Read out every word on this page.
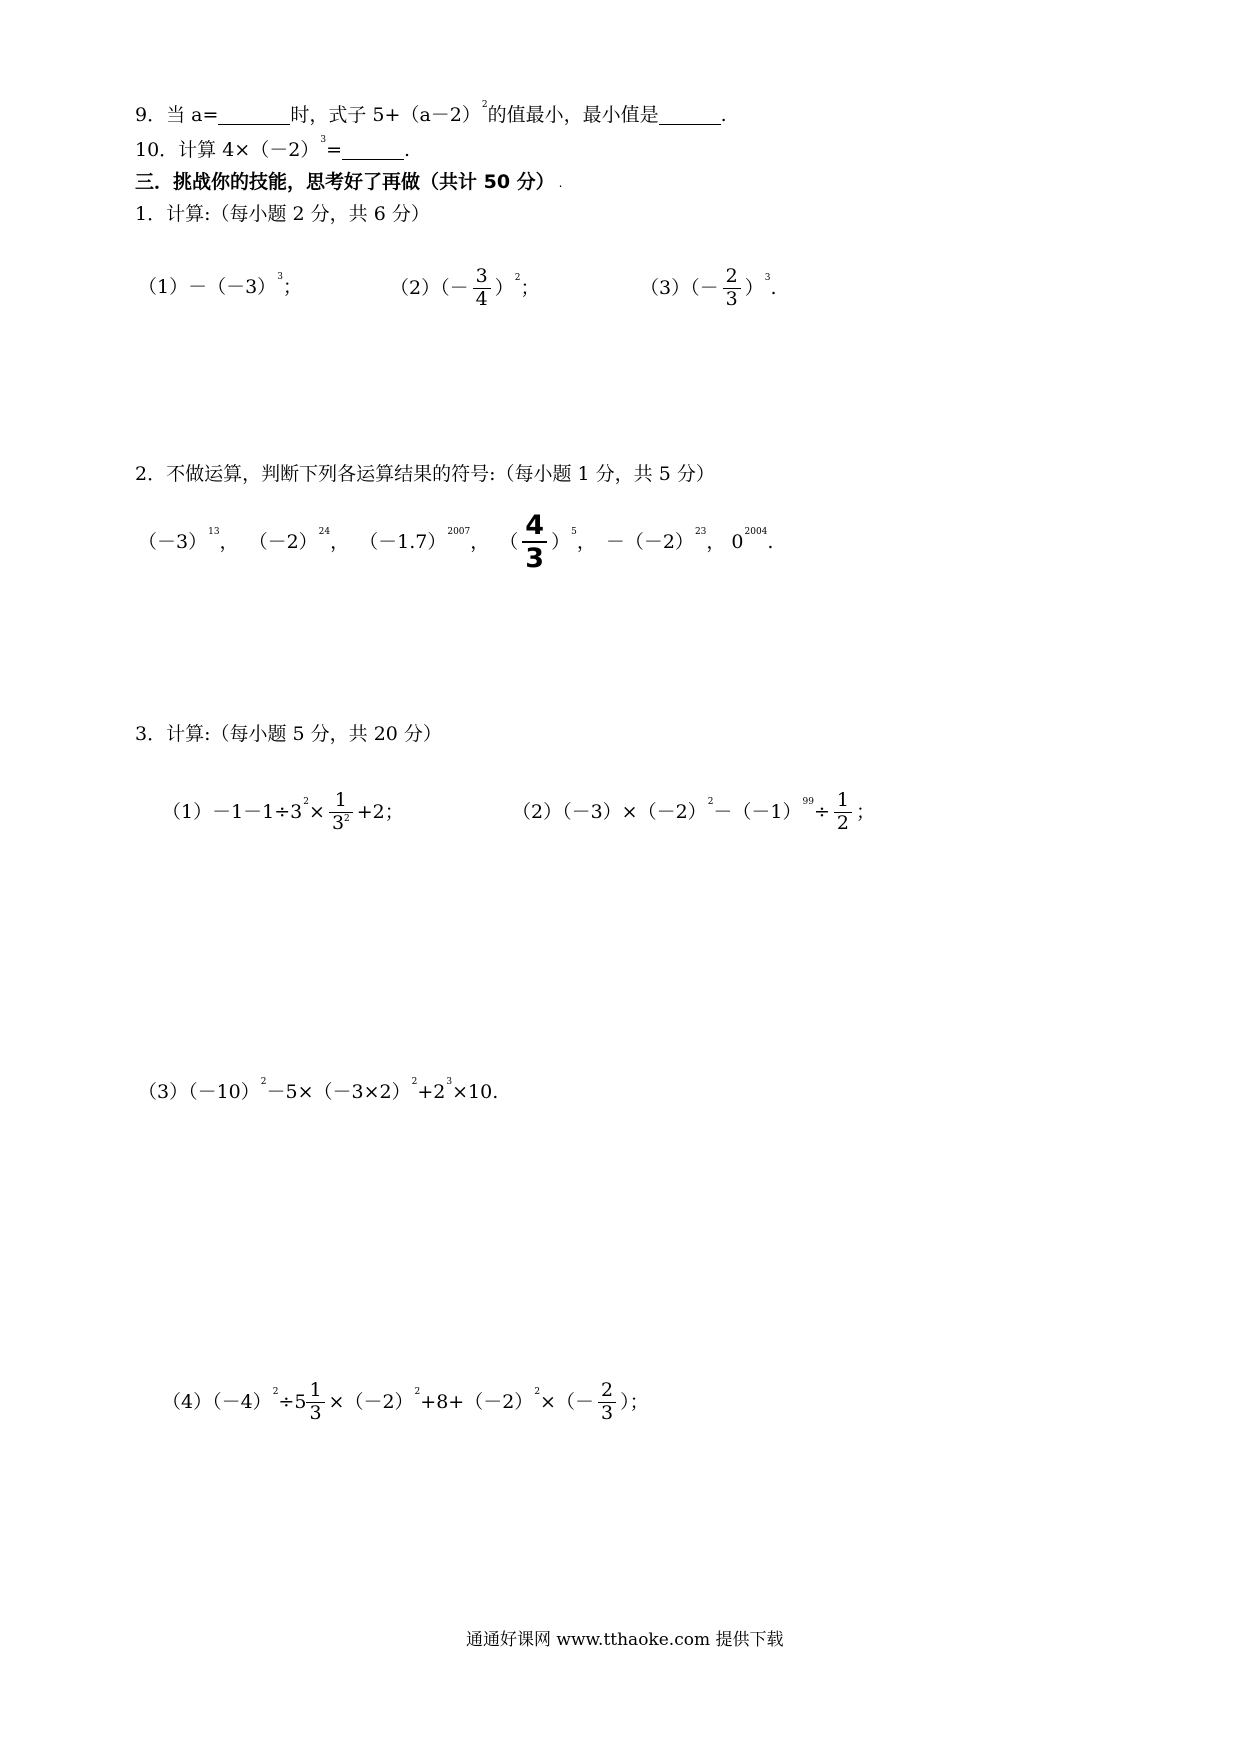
9．当 a=	时，式子 5+（a－2） 2 的值最小，最小值是	.
10．计算 4×（－2） 3 =	.
三．挑战你的技能，思考好了再做（共计 50 分） .
1．计算:（每小题 2 分，共 6 分）
（1）－（－3） 3 ；	$(2)(- \frac{3}{4}$ ） 2 ；	$(3)(- \frac{2}{3}$ ） 3 .
2．不做运算，判断下列各运算结果的符号:（每小题 1 分，共 5 分）
（－3） 13 ， （－2） 24 ， （－1.7） 2007 ， （ $\frac{4}{3}$ ） 5 ， －（－2） 23 ， 0 2004 .
3．计算:（每小题 5 分，共 20 分）
（1）－1－1÷3 $2 \times \frac{1}{3^2} +2$；	（2）（－3）×（－2） 2 －（－1） $99 \div \frac{1}{2}$ ；
（3）（－10） 2 －5×（－3×2） 2 +2 3 ×10.
（4）（－4） $2 \div 5 \frac{1}{3} \times(-2)$ 2 +8+（－2） 2 ×（－ $\frac{2}{3}$ ）；
通通好课网 www.tthaoke.com 提供下载
